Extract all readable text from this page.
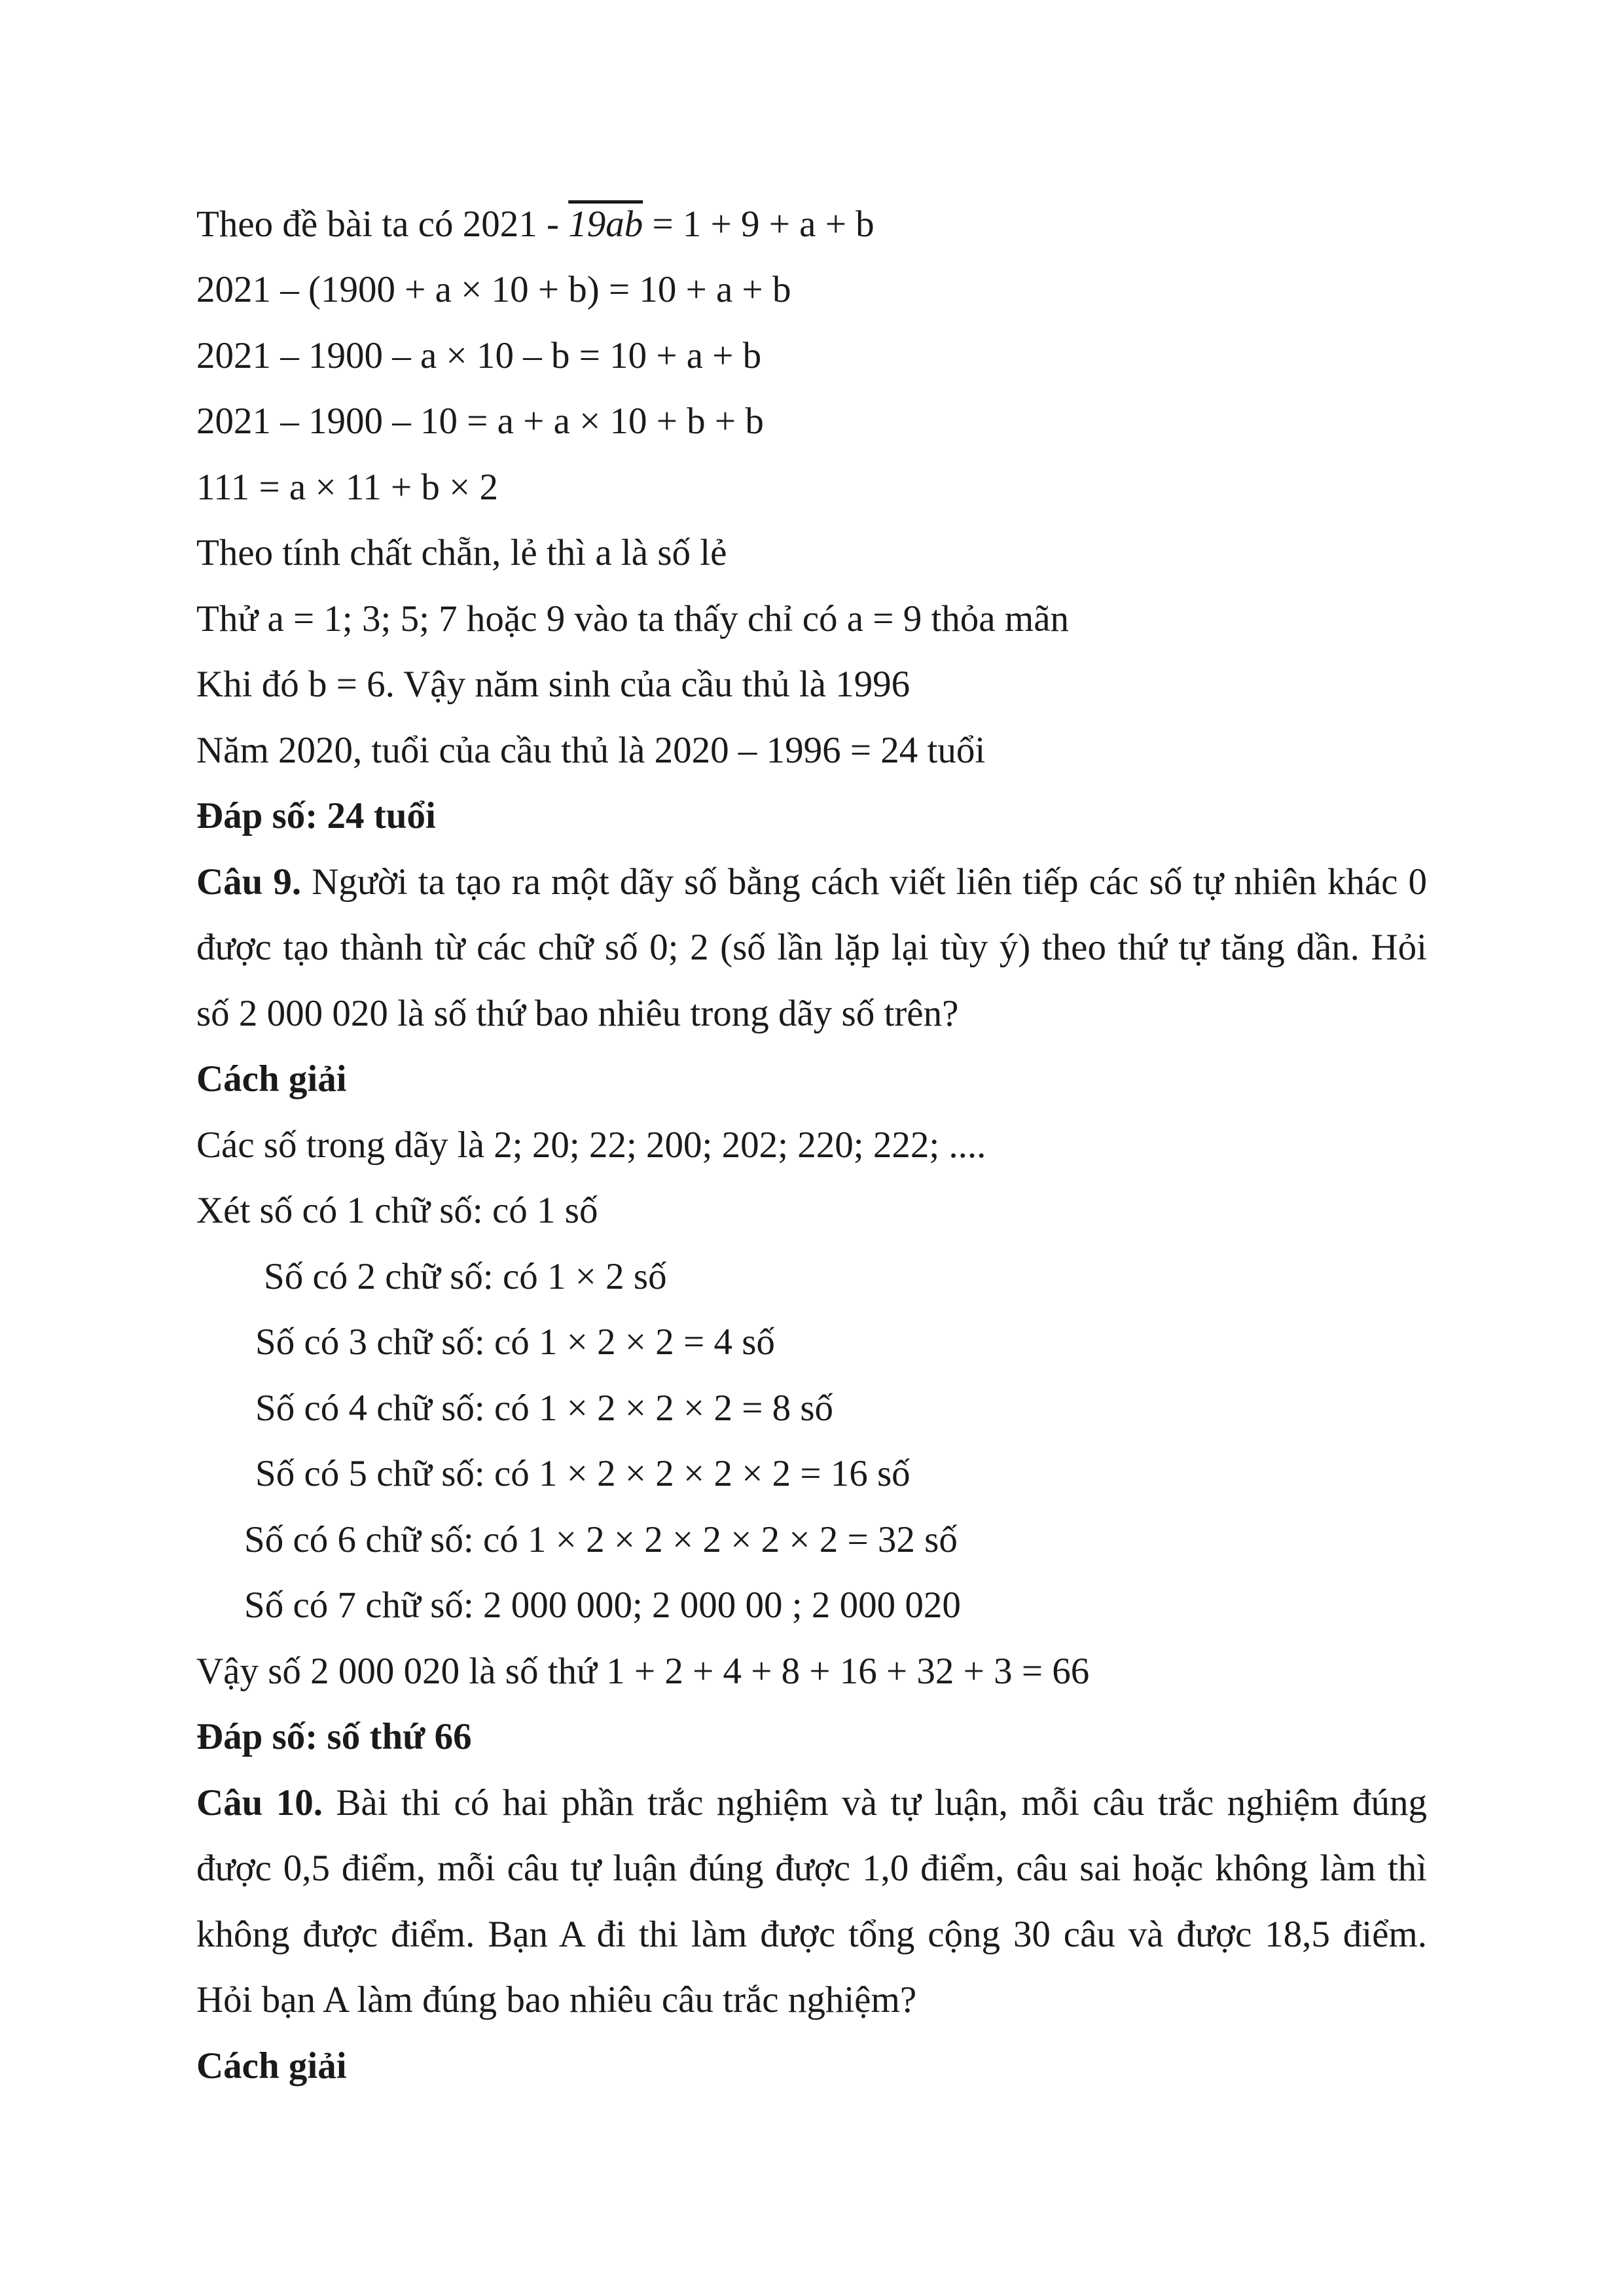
Theo đề bài ta có 2021 - 19ab = 1 + 9 + a + b
2021 – (1900 + a × 10 + b) = 10 + a + b
2021 – 1900 – a × 10 – b = 10 + a + b
2021 – 1900 – 10 = a + a × 10 + b + b
111 = a × 11 + b × 2
Theo tính chất chẵn, lẻ thì a là số lẻ
Thử a = 1; 3; 5; 7 hoặc 9 vào ta thấy chỉ có a = 9 thỏa mãn
Khi đó b = 6. Vậy năm sinh của cầu thủ là 1996
Năm 2020, tuổi của cầu thủ là 2020 – 1996 = 24 tuổi
Đáp số: 24 tuổi
Câu 9. Người ta tạo ra một dãy số bằng cách viết liên tiếp các số tự nhiên khác 0
được tạo thành từ các chữ số 0; 2 (số lần lặp lại tùy ý) theo thứ tự tăng dần. Hỏi
số 2 000 020 là số thứ bao nhiêu trong dãy số trên?
Cách giải
Các số trong dãy là 2; 20; 22; 200; 202; 220; 222; ....
Xét số có 1 chữ số: có 1 số
Số có 2 chữ số: có 1 × 2 số
Số có 3 chữ số: có 1 × 2 × 2 = 4 số
Số có 4 chữ số: có 1 × 2 × 2 × 2 = 8 số
Số có 5 chữ số: có 1 × 2 × 2 × 2 × 2 = 16 số
Số có 6 chữ số: có 1 × 2 × 2 × 2 × 2 × 2 = 32 số
Số có 7 chữ số: 2 000 000; 2 000 00 ; 2 000 020
Vậy số 2 000 020 là số thứ 1 + 2 + 4 + 8 + 16 + 32 + 3 = 66
Đáp số: số thứ 66
Câu 10. Bài thi có hai phần trắc nghiệm và tự luận, mỗi câu trắc nghiệm đúng
được 0,5 điểm, mỗi câu tự luận đúng được 1,0 điểm, câu sai hoặc không làm thì
không được điểm. Bạn A đi thi làm được tổng cộng 30 câu và được 18,5 điểm.
Hỏi bạn A làm đúng bao nhiêu câu trắc nghiệm?
Cách giải
